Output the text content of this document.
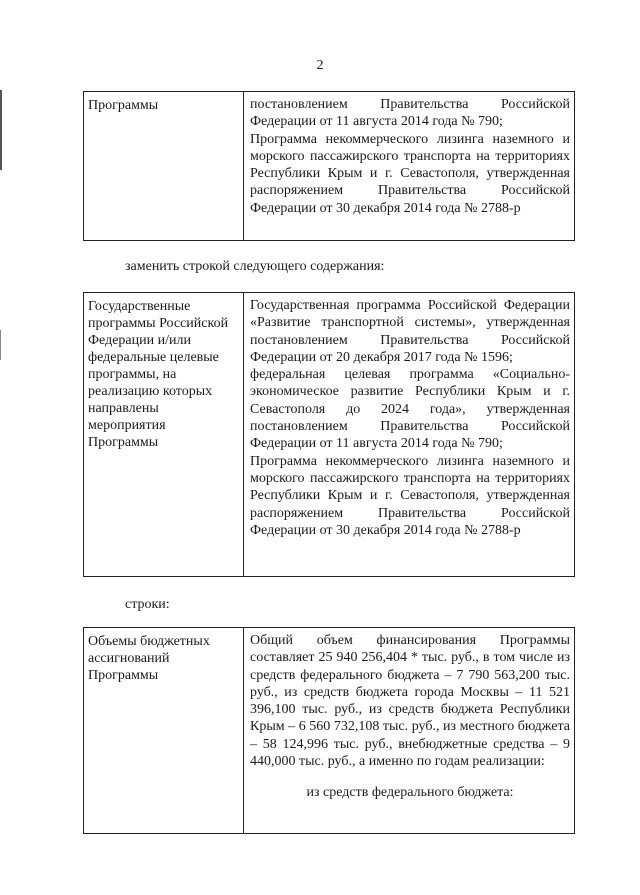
2
Программы	постановлением Правительства Российской Федерации от 11 августа 2014 года № 790;
Программа некоммерческого лизинга наземного и морского пассажирского транспорта на территориях Республики Крым и г. Севастополя, утвержденная распоряжением Правительства Российской Федерации от 30 декабря 2014 года № 2788-р
заменить строкой следующего содержания:
Государственные программы Российской Федерации и/или федеральные целевые программы, на реализацию которых направлены мероприятия Программы
Государственная программа Российской Федерации «Развитие транспортной системы», утвержденная постановлением Правительства Российской Федерации от 20 декабря 2017 года № 1596;
федеральная целевая программа «Социально-экономическое развитие Республики Крым и г. Севастополя до 2024 года», утвержденная постановлением Правительства Российской Федерации от 11 августа 2014 года № 790;
Программа некоммерческого лизинга наземного и морского пассажирского транспорта на территориях Республики Крым и г. Севастополя, утвержденная распоряжением Правительства Российской Федерации от 30 декабря 2014 года № 2788-р
строки:
Объемы бюджетных ассигнований Программы
Общий объем финансирования Программы составляет 25 940 256,404 * тыс. руб., в том числе из средств федерального бюджета – 7 790 563,200 тыс. руб., из средств бюджета города Москвы – 11 521 396,100 тыс. руб., из средств бюджета Республики Крым – 6 560 732,108 тыс. руб., из местного бюджета – 58 124,996 тыс. руб., внебюджетные средства – 9 440,000 тыс. руб., а именно по годам реализации:
из средств федерального бюджета:
